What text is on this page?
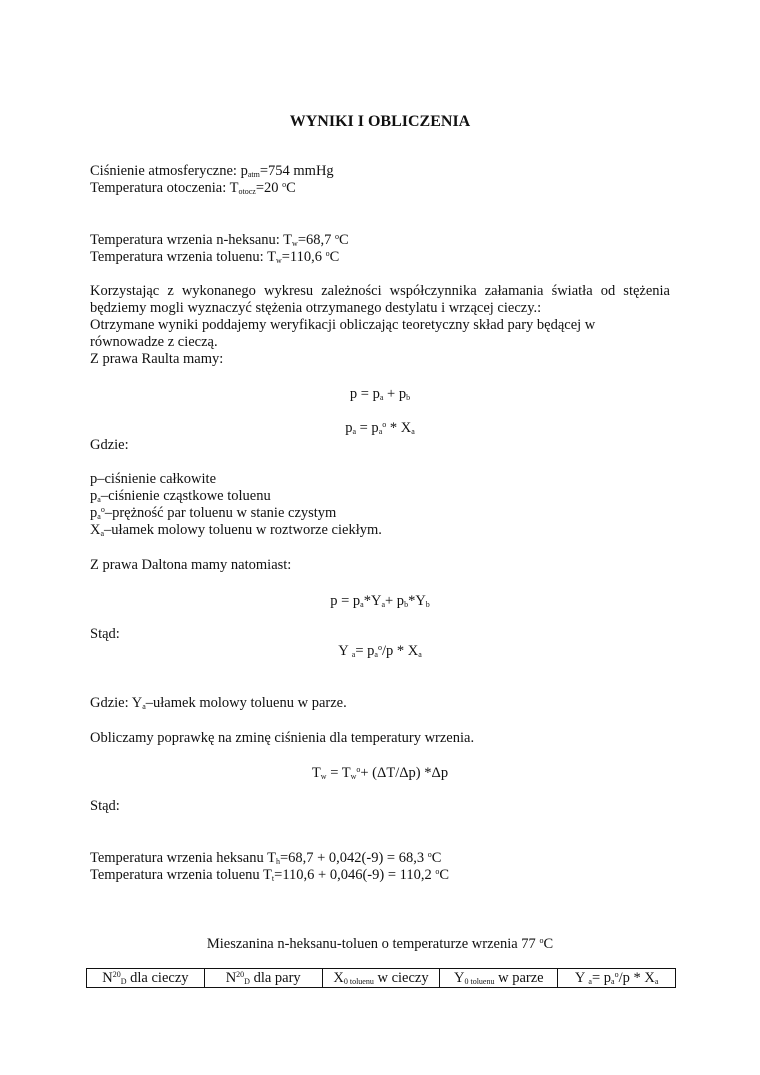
WYNIKI I OBLICZENIA
Ciśnienie atmosferyczne: $p_{atm}=754$ mmHg
Temperatura otoczenia: $T_{otocz}=20$ $^o$C
Temperatura wrzenia n-heksanu: $T_w=68,7$ $^o$C
Temperatura wrzenia toluenu: $T_w=110,6$ $^o$C
Korzystając z wykonanego wykresu zależności współczynnika załamania światła od stężenia
będziemy mogli wyznaczyć stężenia otrzymanego destylatu i wrzącej cieczy.:
Otrzymane wyniki poddajemy weryfikacji obliczając teoretyczny skład pary będącej w
równowadze z cieczą.
Z prawa Raulta mamy:
$p = p_a + p_b$
$p_a = p_a^o * X_a$
Gdzie:
p–ciśnienie całkowite
$p_a$–ciśnienie cząstkowe toluenu
$p_a^o$–prężność par toluenu w stanie czystym
$X_a$–ułamek molowy toluenu w roztworze ciekłym.
Z prawa Daltona mamy natomiast:
$p = p_a*Y_a+ p_b*Y_b$
Stąd:
Y $_a= p_a^o/p * X_a$
Gdzie: $Y_a$–ułamek molowy toluenu w parze.
Obliczamy poprawkę na zminę ciśnienia dla temperatury wrzenia.
$T_w = T_w^o+ (\Delta T/\Delta p)$ *Δp
Stąd:
Temperatura wrzenia heksanu $T_h=68,7 + 0,042(-9) = 68,3$ $^o$C
Temperatura wrzenia toluenu $T_t=110,6 + 0,046(-9) = 110,2$ $^o$C
Mieszanina n-heksanu-toluen o temperaturze wrzenia 77 $^o$C
$N^{20}_D$ dla cieczy	$N^{20}_D$ dla pary	$X_{0 toluenu}$ w cieczy	$Y_{0 toluenu}$ w parze	Y $_a= p_a^o/p * X_a$
